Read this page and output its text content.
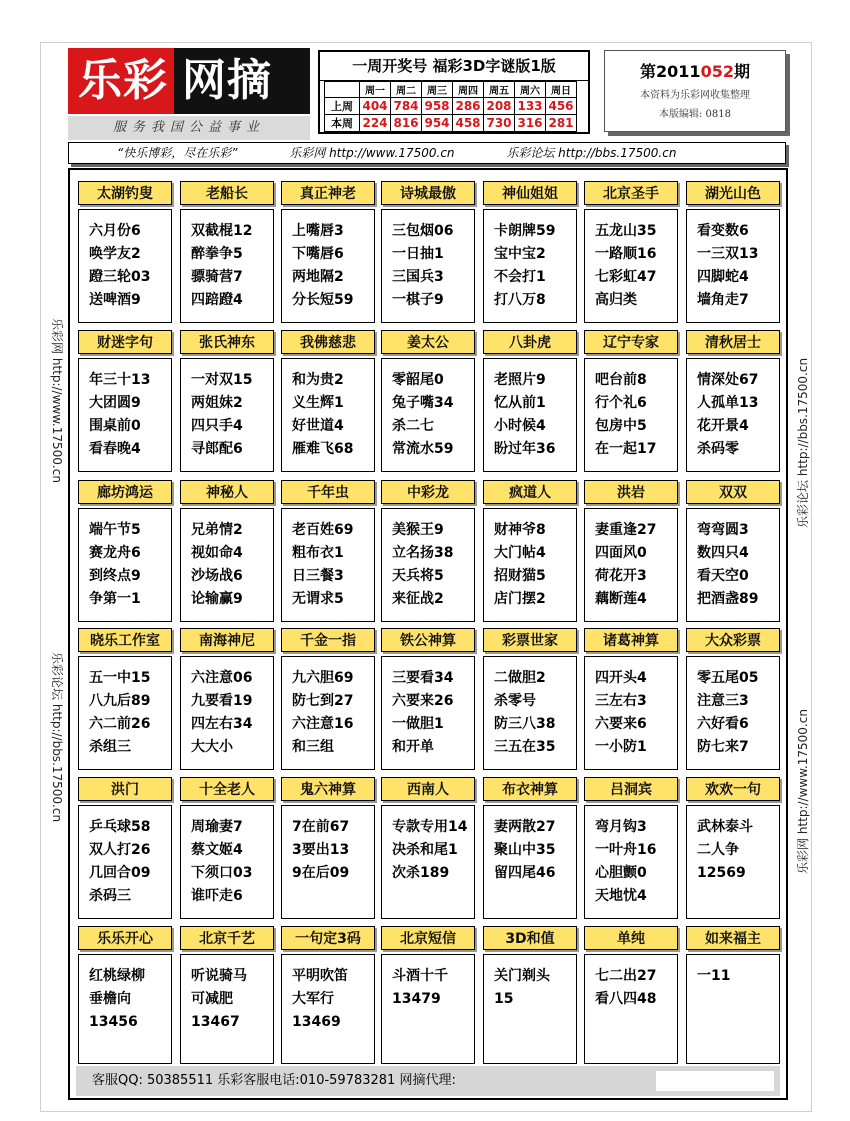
乐彩 网摘
服务我国公益事业
一周开奖号 福彩3D字谜版1版
	周一	周二	周三	周四	周五	周六	周日
上周	404	784	958	286	208	133	456
本周	224	816	954	458	730	316	281
第2011052期
本资料为乐彩网收集整理
本版编辑: 0818
“快乐博彩，尽在乐彩”	乐彩网 http://www.17500.cn	乐彩论坛 http://bbs.17500.cn
太湖钓叟
六月份6
唤学友2
蹬三轮03
送啤酒9
老船长
双截棍12
醉拳争5
骠骑营7
四踣蹬4
真正神老
上嘴唇3
下嘴唇6
两地隔2
分长短59
诗城最傲
三包烟06
一日抽1
三国兵3
一棋子9
神仙姐姐
卡朗牌59
宝中宝2
不会打1
打八万8
北京圣手
五龙山35
一路顺16
七彩虹47
高归类
湖光山色
看变数6
一三双13
四脚蛇4
墙角走7
财迷字句
年三十13
大团圆9
围桌前0
看春晚4
张氏神东
一对双15
两姐妹2
四只手4
寻郎配6
我佛慈悲
和为贵2
义生辉1
好世道4
雁难飞68
姜太公
零韶尾0
兔子嘴34
杀二七
常流水59
八卦虎
老照片9
忆从前1
小时候4
盼过年36
辽宁专家
吧台前8
行个礼6
包房中5
在一起17
清秋居士
情深处67
人孤单13
花开景4
杀码零
廊坊鸿运
端午节5
赛龙舟6
到终点9
争第一1
神秘人
兄弟情2
视如命4
沙场战6
论输赢9
千年虫
老百姓69
粗布衣1
日三餐3
无谓求5
中彩龙
美猴王9
立名扬38
天兵将5
来征战2
疯道人
财神爷8
大门帖4
招财猫5
店门摆2
洪岩
妻重逢27
四面风0
荷花开3
藕断莲4
双双
弯弯圆3
数四只4
看天空0
把酒盏89
晓乐工作室
五一中15
八九后89
六二前26
杀组三
南海神尼
六注意06
九要看19
四左右34
大大小
千金一指
九六胆69
防七到27
六注意16
和三组
铁公神算
三要看34
六要来26
一做胆1
和开单
彩票世家
二做胆2
杀零号
防三八38
三五在35
诸葛神算
四开头4
三左右3
六要来6
一小防1
大众彩票
零五尾05
注意三3
六好看6
防七来7
洪门
乒乓球58
双人打26
几回合09
杀码三
十全老人
周瑜妻7
蔡文姬4
下须口03
谁吓走6
鬼六神算
7在前67
3要出13
9在后09
西南人
专款专用14
决杀和尾1
次杀189
布衣神算
妻两散27
聚山中35
留四尾46
吕洞宾
弯月钩3
一叶舟16
心胆颤0
天地忧4
欢欢一句
武林泰斗
二人争
12569
乐乐开心
红桃绿柳
垂檐向
13456
北京千艺
听说骑马
可减肥
13467
一句定3码
平明吹笛
大军行
13469
北京短信
斗酒十千
13479
3D和值
关门剃头
15
单纯
七二出27
看八四48
如来福主
一11
客服QQ: 50385511 乐彩客服电话:010-59783281 网摘代理:
乐彩网 http://www.17500.cn
乐彩论坛 http://bbs.17500.cn
乐彩论坛 http://bbs.17500.cn
乐彩网 http://www.17500.cn
